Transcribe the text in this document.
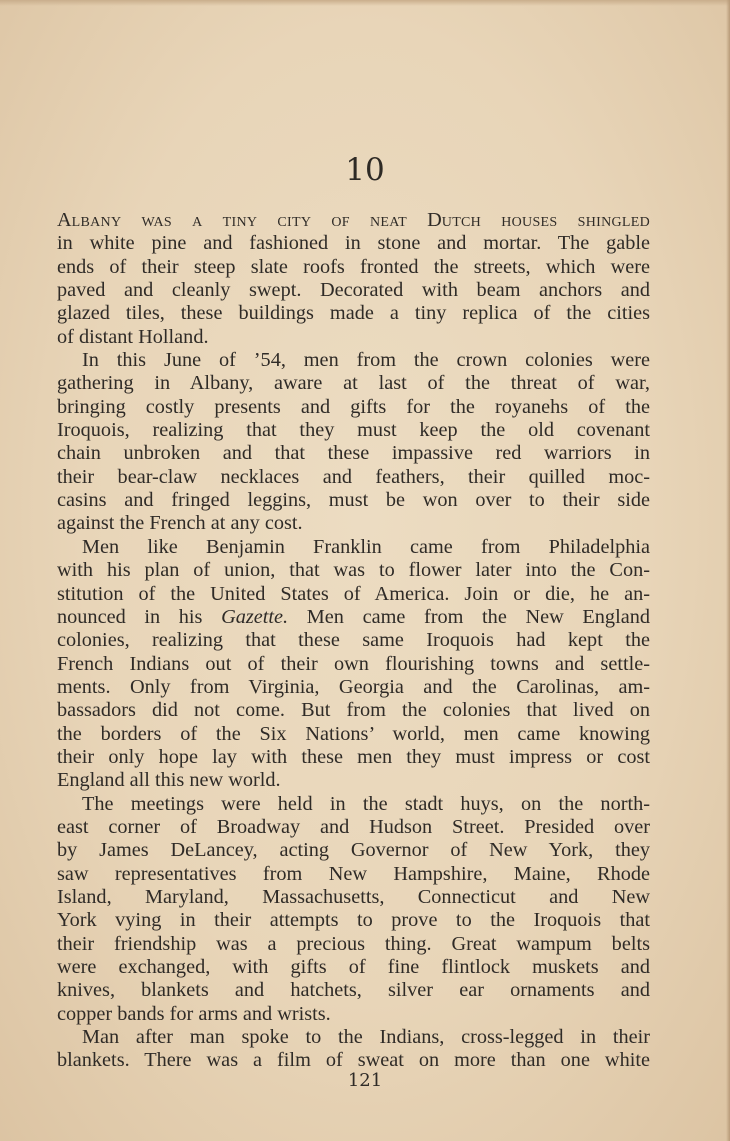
10
Albany was a tiny city of neat Dutch houses shingled
in white pine and fashioned in stone and mortar. The gable
ends of their steep slate roofs fronted the streets, which were
paved and cleanly swept. Decorated with beam anchors and
glazed tiles, these buildings made a tiny replica of the cities
of distant Holland.
In this June of ’54, men from the crown colonies were
gathering in Albany, aware at last of the threat of war,
bringing costly presents and gifts for the royanehs of the
Iroquois, realizing that they must keep the old covenant
chain unbroken and that these impassive red warriors in
their bear-claw necklaces and feathers, their quilled moc-
casins and fringed leggins, must be won over to their side
against the French at any cost.
Men like Benjamin Franklin came from Philadelphia
with his plan of union, that was to flower later into the Con-
stitution of the United States of America. Join or die, he an-
nounced in his Gazette. Men came from the New England
colonies, realizing that these same Iroquois had kept the
French Indians out of their own flourishing towns and settle-
ments. Only from Virginia, Georgia and the Carolinas, am-
bassadors did not come. But from the colonies that lived on
the borders of the Six Nations’ world, men came knowing
their only hope lay with these men they must impress or cost
England all this new world.
The meetings were held in the stadt huys, on the north-
east corner of Broadway and Hudson Street. Presided over
by James DeLancey, acting Governor of New York, they
saw representatives from New Hampshire, Maine, Rhode
Island, Maryland, Massachusetts, Connecticut and New
York vying in their attempts to prove to the Iroquois that
their friendship was a precious thing. Great wampum belts
were exchanged, with gifts of fine flintlock muskets and
knives, blankets and hatchets, silver ear ornaments and
copper bands for arms and wrists.
Man after man spoke to the Indians, cross-legged in their
blankets. There was a film of sweat on more than one white
121
